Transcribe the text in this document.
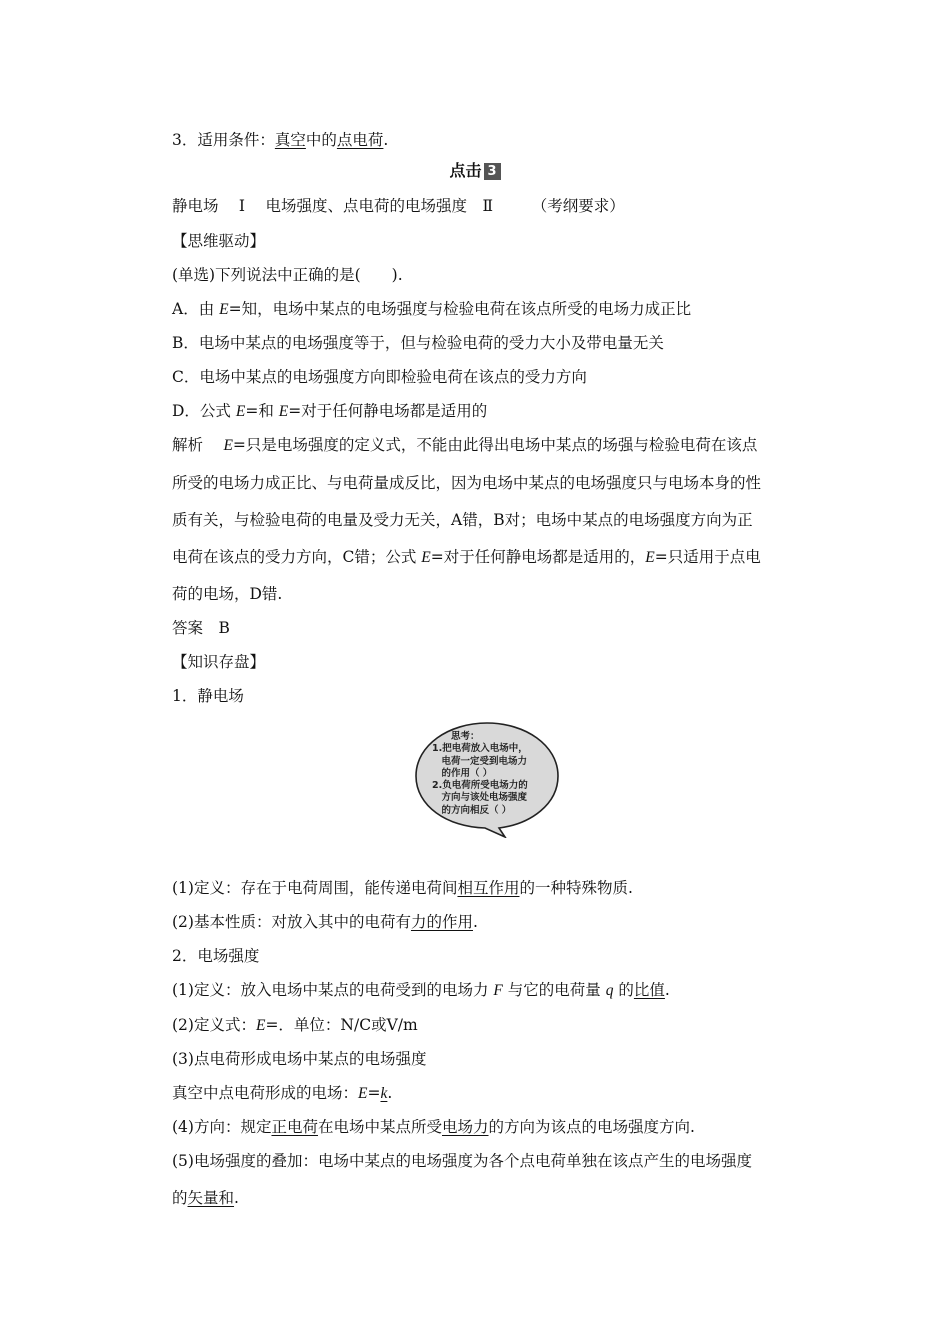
3．适用条件：真空中的点电荷.
点击 3
静电场　 Ⅰ　 电场强度、点电荷的电场强度　Ⅱ　　　（考纲要求）
【思维驱动】
(单选)下列说法中正确的是(　　).
A．由 E=知，电场中某点的电场强度与检验电荷在该点所受的电场力成正比
B．电场中某点的电场强度等于，但与检验电荷的受力大小及带电量无关
C．电场中某点的电场强度方向即检验电荷在该点的受力方向
D．公式 E=和 E=对于任何静电场都是适用的
解析　 E=只是电场强度的定义式，不能由此得出电场中某点的场强与检验电荷在该点
所受的电场力成正比、与电荷量成反比，因为电场中某点的电场强度只与电场本身的性
质有关，与检验电荷的电量及受力无关，A错，B对；电场中某点的电场强度方向为正
电荷在该点的受力方向，C错；公式 E=对于任何静电场都是适用的，E=只适用于点电
荷的电场，D错.
答案　B
【知识存盘】
1．静电场
　　思考：
1.把电荷放入电场中，
　电荷一定受到电场力
　的作用（ ）
2.负电荷所受电场力的
　方向与该处电场强度
　的方向相反（ ）
(1)定义：存在于电荷周围，能传递电荷间相互作用的一种特殊物质.
(2)基本性质：对放入其中的电荷有力的作用.
2．电场强度
(1)定义：放入电场中某点的电荷受到的电场力 F 与它的电荷量 q 的比值.
(2)定义式：E=．单位：N/C或V/m
(3)点电荷形成电场中某点的电场强度
真空中点电荷形成的电场：E=k.
(4)方向：规定正电荷在电场中某点所受电场力的方向为该点的电场强度方向.
(5)电场强度的叠加：电场中某点的电场强度为各个点电荷单独在该点产生的电场强度
的矢量和.
